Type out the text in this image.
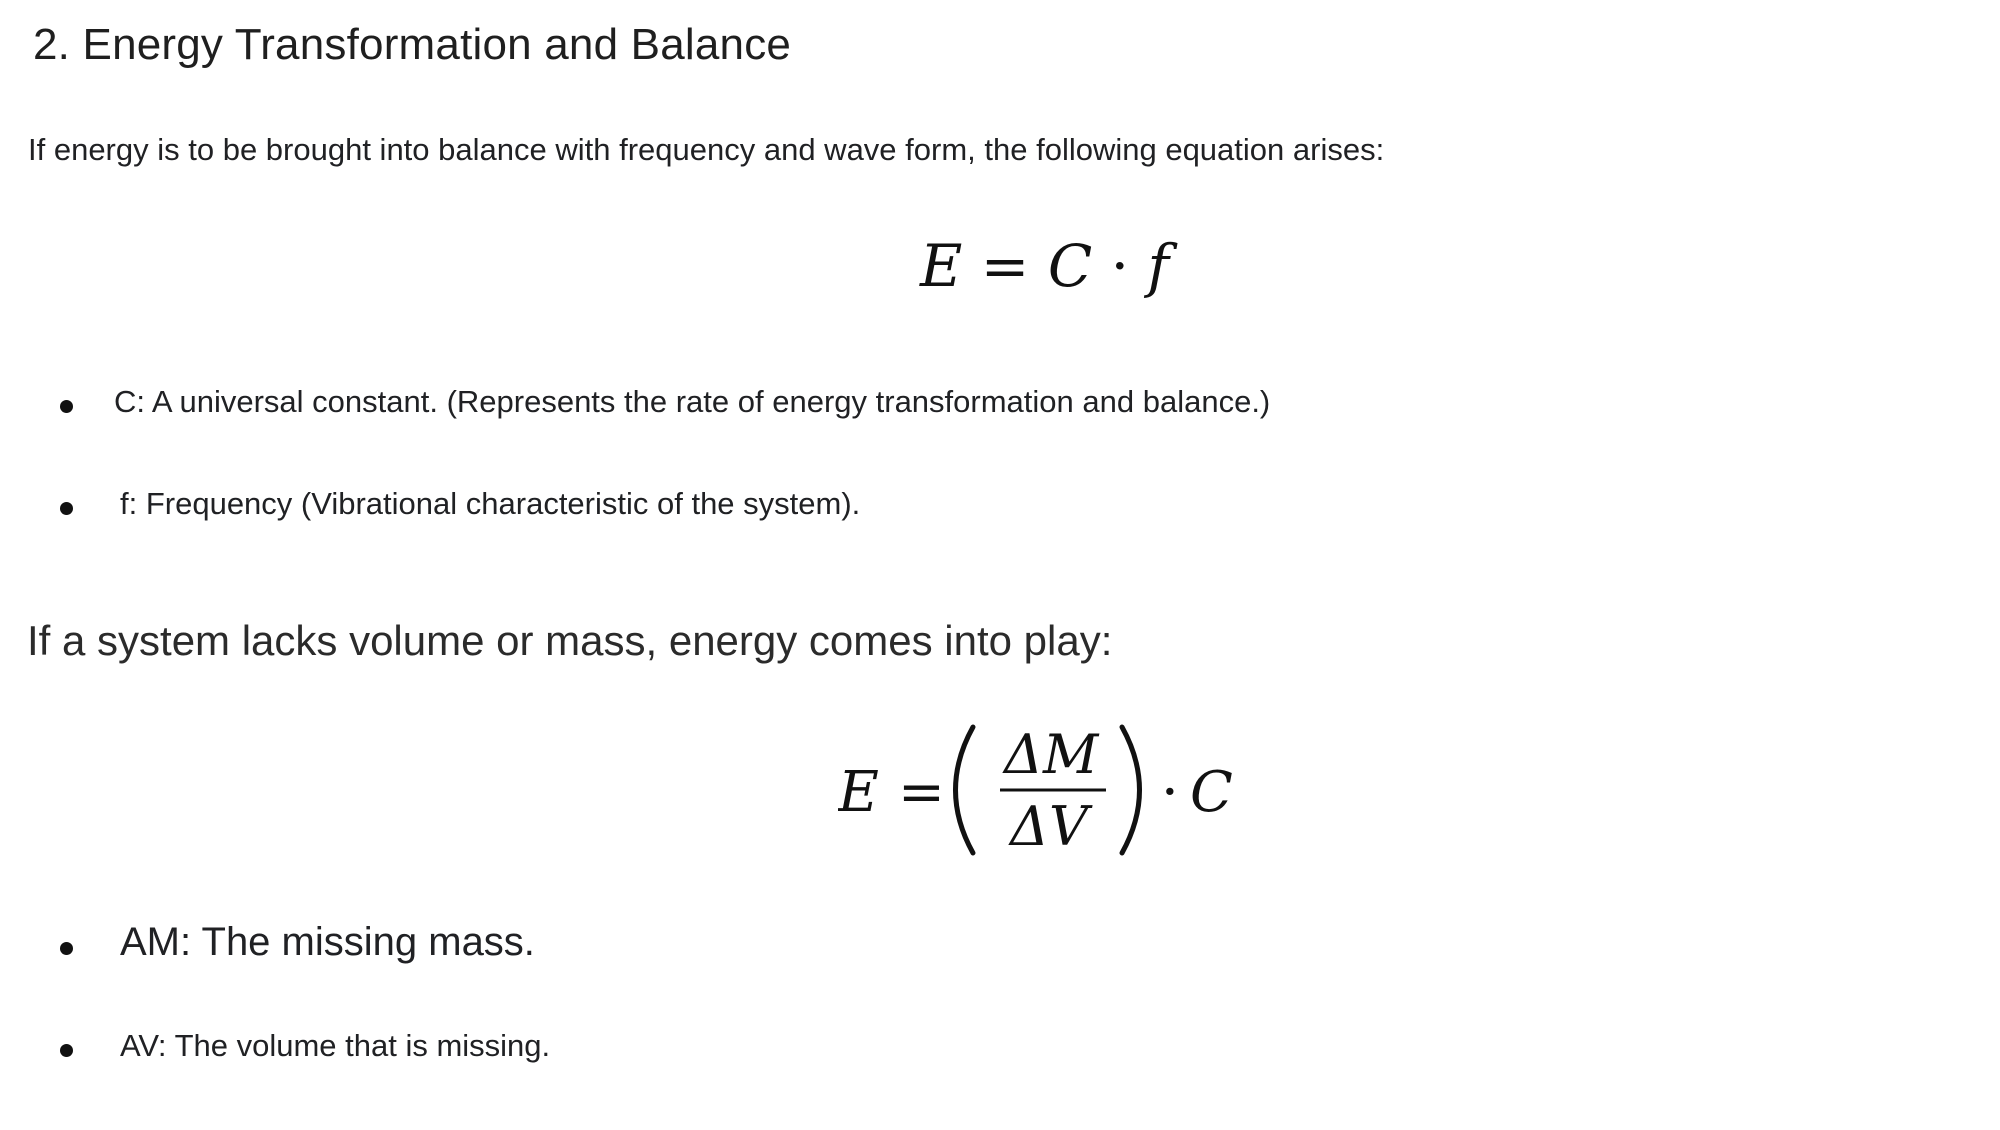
2. Energy Transformation and Balance
If energy is to be brought into balance with frequency and wave form, the following equation arises:
E = C · f
C: A universal constant. (Represents the rate of energy transformation and balance.)
f: Frequency (Vibrational characteristic of the system).
If a system lacks volume or mass, energy comes into play:
E =
ΔM
ΔV
· C
AM: The missing mass.
AV: The volume that is missing.
